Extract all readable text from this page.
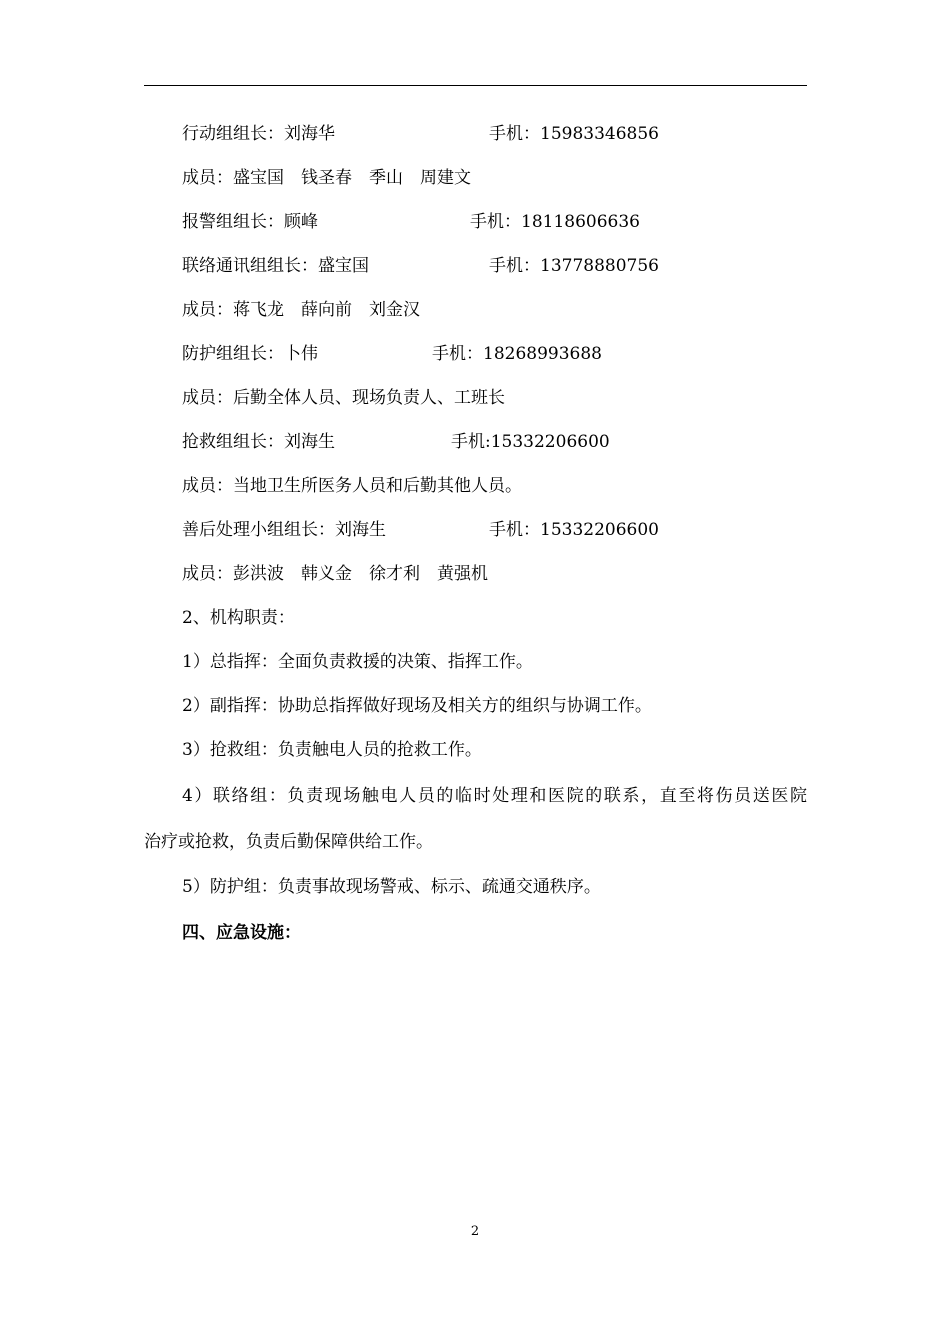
行动组组长：刘海华	手机：15983346856
成员：盛宝国　钱圣春　季山　周建文
报警组组长：顾峰	手机：18118606636
联络通讯组组长：盛宝国	手机：13778880756
成员：蒋飞龙　薛向前　刘金汉
防护组组长：卜伟	手机：18268993688
成员：后勤全体人员、现场负责人、工班长
抢救组组长：刘海生	手机:15332206600
成员：当地卫生所医务人员和后勤其他人员。
善后处理小组组长：刘海生	手机：15332206600
成员：彭洪波　韩义金　徐才利　黄强机
2、机构职责：
1）总指挥：全面负责救援的决策、指挥工作。
2）副指挥：协助总指挥做好现场及相关方的组织与协调工作。
3）抢救组：负责触电人员的抢救工作。
4）联络组：负责现场触电人员的临时处理和医院的联系，直至将伤员送医院
治疗或抢救，负责后勤保障供给工作。
5）防护组：负责事故现场警戒、标示、疏通交通秩序。
四、应急设施：
2
